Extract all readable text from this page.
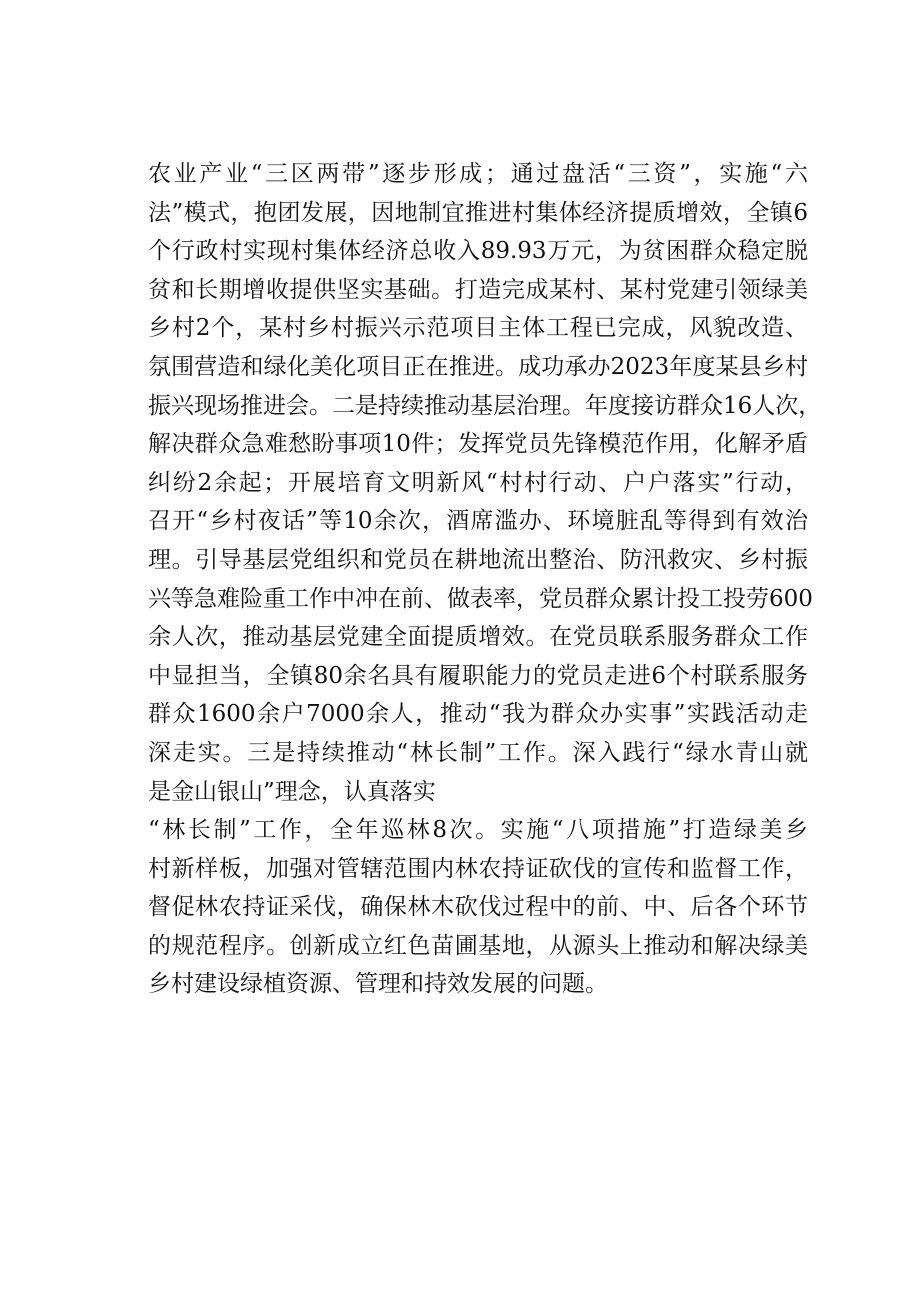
农业产业“三区两带”逐步形成；通过盘活“三资”，实施“六
法”模式，抱团发展，因地制宜推进村集体经济提质增效，全镇6
个行政村实现村集体经济总收入89.93万元，为贫困群众稳定脱
贫和长期增收提供坚实基础。打造完成某村、某村党建引领绿美
乡村2个，某村乡村振兴示范项目主体工程已完成，风貌改造、
氛围营造和绿化美化项目正在推进。成功承办2023年度某县乡村
振兴现场推进会。二是持续推动基层治理。年度接访群众16人次，
解决群众急难愁盼事项10件；发挥党员先锋模范作用，化解矛盾
纠纷2余起；开展培育文明新风“村村行动、户户落实”行动，
召开“乡村夜话”等10余次，酒席滥办、环境脏乱等得到有效治
理。引导基层党组织和党员在耕地流出整治、防汛救灾、乡村振
兴等急难险重工作中冲在前、做表率，党员群众累计投工投劳600
余人次，推动基层党建全面提质增效。在党员联系服务群众工作
中显担当，全镇80余名具有履职能力的党员走进6个村联系服务
群众1600余户7000余人，推动“我为群众办实事”实践活动走
深走实。三是持续推动“林长制”工作。深入践行“绿水青山就
是金山银山”理念，认真落实
“林长制”工作，全年巡林8次。实施“八项措施”打造绿美乡
村新样板，加强对管辖范围内林农持证砍伐的宣传和监督工作，
督促林农持证采伐，确保林木砍伐过程中的前、中、后各个环节
的规范程序。创新成立红色苗圃基地，从源头上推动和解决绿美
乡村建设绿植资源、管理和持效发展的问题。
